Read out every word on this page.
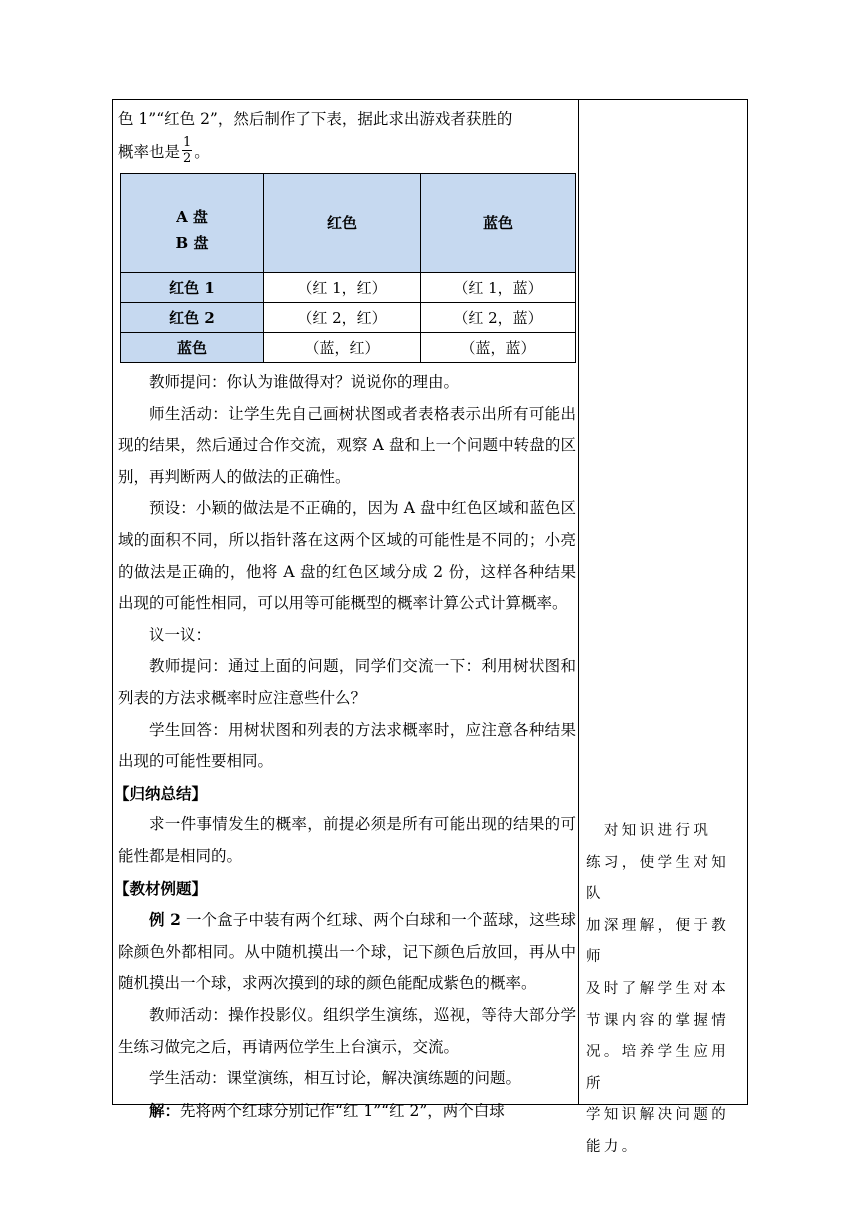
色 1”“红色 2”，然后制作了下表，据此求出游戏者获胜的

概率也是 $\frac{1}{2}$ 。

A 盘
B 盘	红色	蓝色
红色 1	（红 1，红）	（红 1，蓝）
红色 2	（红 2，红）	（红 2，蓝）
蓝色	（蓝，红）	（蓝，蓝）

教师提问：你认为谁做得对？说说你的理由。

师生活动：让学生先自己画树状图或者表格表示出所有可能出现的结果，然后通过合作交流，观察 A 盘和上一个问题中转盘的区别，再判断两人的做法的正确性。

预设：小颖的做法是不正确的，因为 A 盘中红色区域和蓝色区域的面积不同，所以指针落在这两个区域的可能性是不同的；小亮的做法是正确的，他将 A 盘的红色区域分成 2 份，这样各种结果出现的可能性相同，可以用等可能概型的概率计算公式计算概率。

议一议：

教师提问：通过上面的问题，同学们交流一下：利用树状图和列表的方法求概率时应注意些什么？

学生回答：用树状图和列表的方法求概率时，应注意各种结果出现的可能性要相同。

【归纳总结】

求一件事情发生的概率，前提必须是所有可能出现的结果的可能性都是相同的。

【教材例题】

例 2 一个盒子中装有两个红球、两个白球和一个蓝球，这些球除颜色外都相同。从中随机摸出一个球，记下颜色后放回，再从中随机摸出一个球，求两次摸到的球的颜色能配成紫色的概率。

教师活动：操作投影仪。组织学生演练，巡视，等待大部分学生练习做完之后，再请两位学生上台演示，交流。

学生活动：课堂演练，相互讨论，解决演练题的问题。

解：先将两个红球分别记作“红 1”“红 2”，两个白球

　对知识进行巩

练习，使学生对知队

加深理解，便于教师

及时了解学生对本

节课内容的掌握情

况。培养学生应用所

学知识解决问题的

能力。
